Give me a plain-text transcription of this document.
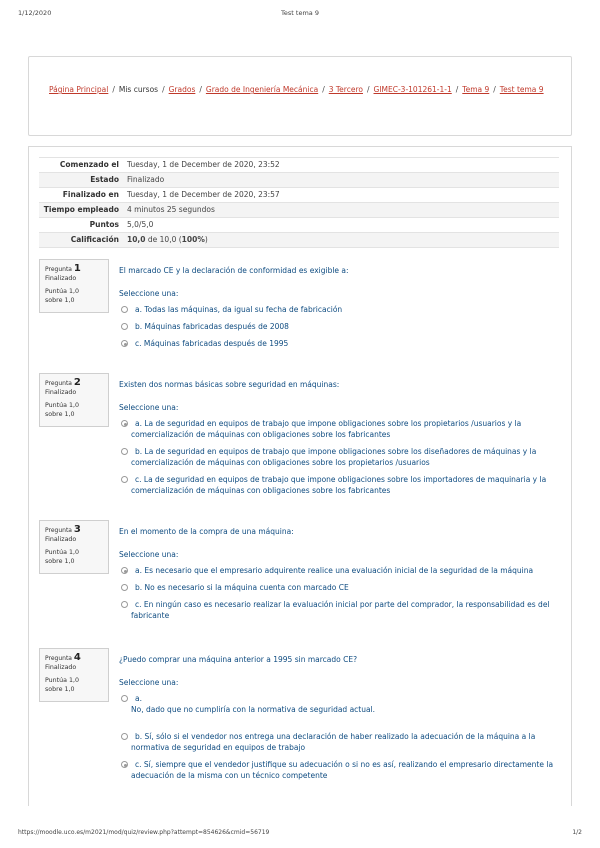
1/12/2020	Test tema 9
Página Principal / Mis cursos / Grados / Grado de Ingeniería Mecánica / 3 Tercero / GIMEC-3-101261-1-1 / Tema 9 / Test tema 9
Comenzado el	Tuesday, 1 de December de 2020, 23:52
Estado	Finalizado
Finalizado en	Tuesday, 1 de December de 2020, 23:57
Tiempo empleado	4 minutos 25 segundos
Puntos	5,0/5,0
Calificación	10,0 de 10,0 (100%)
Pregunta 1
Finalizado
Puntúa 1,0
sobre 1,0
El marcado CE y la declaración de conformidad es exigible a:
Seleccione una:
a. Todas las máquinas, da igual su fecha de fabricación
b. Máquinas fabricadas después de 2008
c. Máquinas fabricadas después de 1995
Pregunta 2
Finalizado
Puntúa 1,0
sobre 1,0
Existen dos normas básicas sobre seguridad en máquinas:
Seleccione una:
a. La de seguridad en equipos de trabajo que impone obligaciones sobre los propietarios /usuarios y la comercialización de máquinas con obligaciones sobre los fabricantes
b. La de seguridad en equipos de trabajo que impone obligaciones sobre los diseñadores de máquinas y la comercialización de máquinas con obligaciones sobre los propietarios /usuarios
c. La de seguridad en equipos de trabajo que impone obligaciones sobre los importadores de maquinaria y la comercialización de máquinas con obligaciones sobre los fabricantes
Pregunta 3
Finalizado
Puntúa 1,0
sobre 1,0
En el momento de la compra de una máquina:
Seleccione una:
a. Es necesario que el empresario adquirente realice una evaluación inicial de la seguridad de la máquina
b. No es necesario si la máquina cuenta con marcado CE
c. En ningún caso es necesario realizar la evaluación inicial por parte del comprador, la responsabilidad es del fabricante
Pregunta 4
Finalizado
Puntúa 1,0
sobre 1,0
¿Puedo comprar una máquina anterior a 1995 sin marcado CE?
Seleccione una:
a.
No, dado que no cumpliría con la normativa de seguridad actual.
b. Sí, sólo si el vendedor nos entrega una declaración de haber realizado la adecuación de la máquina a la normativa de seguridad en equipos de trabajo
c. Sí, siempre que el vendedor justifique su adecuación o si no es así, realizando el empresario directamente la adecuación de la misma con un técnico competente
https://moodle.uco.es/m2021/mod/quiz/review.php?attempt=854626&cmid=56719	1/2
